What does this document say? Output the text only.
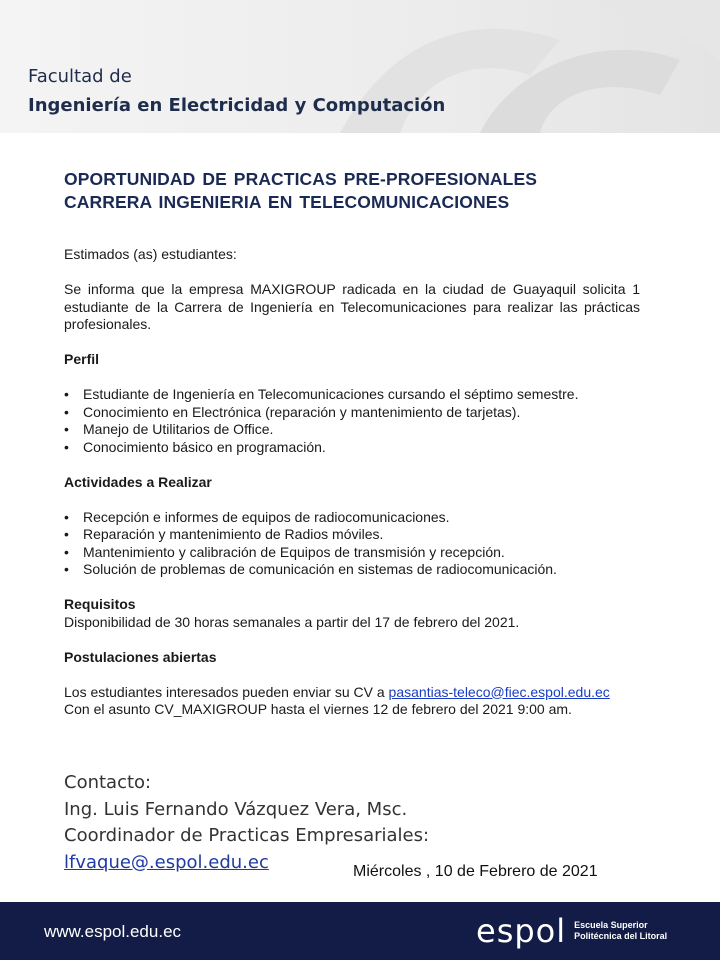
Facultad de
Ingeniería en Electricidad y Computación
OPORTUNIDAD DE PRACTICAS PRE-PROFESIONALES
CARRERA INGENIERIA EN TELECOMUNICACIONES

Estimados (as) estudiantes:

Se informa que la empresa MAXIGROUP radicada en la ciudad de Guayaquil solicita 1 estudiante de la Carrera de Ingeniería en Telecomunicaciones para realizar las prácticas profesionales.

Perfil

• Estudiante de Ingeniería en Telecomunicaciones cursando el séptimo semestre.
• Conocimiento en Electrónica (reparación y mantenimiento de tarjetas).
• Manejo de Utilitarios de Office.
• Conocimiento básico en programación.

Actividades a Realizar

• Recepción e informes de equipos de radiocomunicaciones.
• Reparación y mantenimiento de Radios móviles.
• Mantenimiento y calibración de Equipos de transmisión y recepción.
• Solución de problemas de comunicación en sistemas de radiocomunicación.

Requisitos

Disponibilidad de 30 horas semanales a partir del 17 de febrero del 2021.

Postulaciones abiertas

Los estudiantes interesados pueden enviar su CV a pasantias-teleco@fiec.espol.edu.ec

Con el asunto CV_MAXIGROUP hasta el viernes 12 de febrero del 2021 9:00 am.

Contacto:
Ing. Luis Fernando Vázquez Vera, Msc.
Coordinador de Practicas Empresariales:
lfvaque@.espol.edu.ec	Miércoles , 10 de Febrero de 2021
www.espol.edu.ec	espol Escuela Superior
Politécnica del Litoral
